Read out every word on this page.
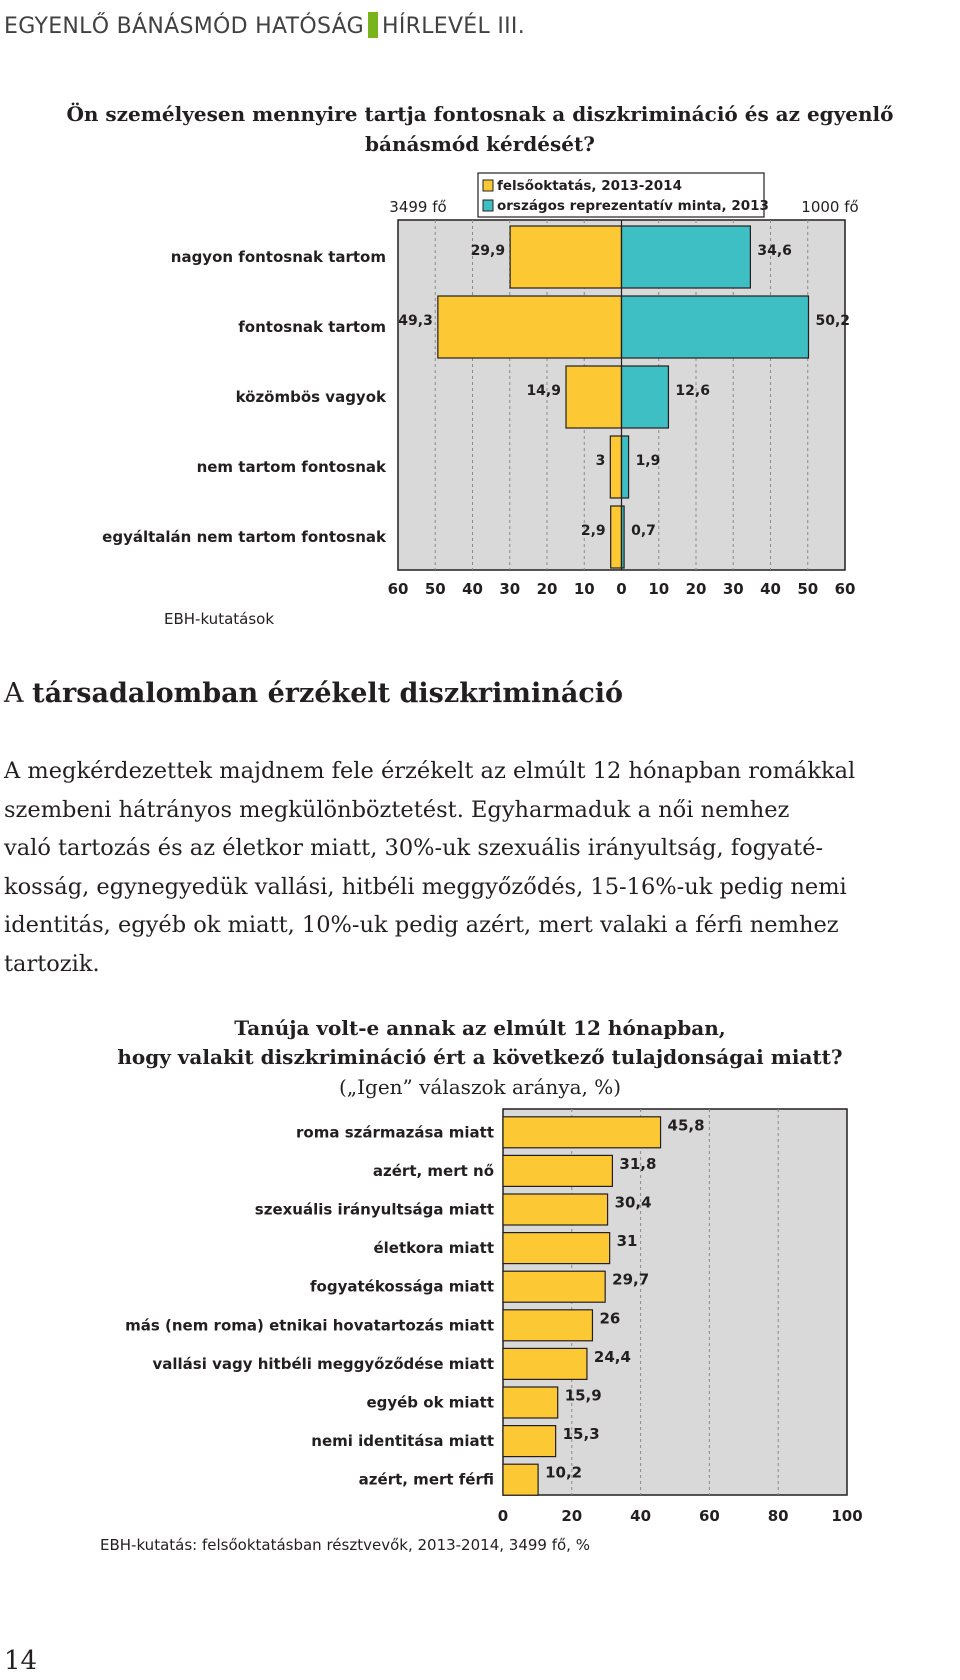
EGYENLŐ BÁNÁSMÓD HATÓSÁG HÍRLEVÉL III.
Ön személyesen mennyire tartja fontosnak a diszkrimináció és az egyenlő
bánásmód kérdését?
60 50 40 30 20 10 0 10 20 30 40 50 60
nagyon fontosnak tartom	29,9	34,6
fontosnak tartom 49,3	50,2
közömbös vagyok	14,9	12,6
nem tartom fontosnak	3 1,9
egyáltalán nem tartom fontosnak	2,9 0,7
felsőoktatás, 2013-2014
országos reprezentatív minta, 2013
3499 fő	1000 fő
EBH-kutatások
A társadalomban érzékelt diszkrimináció
A megkérdezettek majdnem fele érzékelt az elmúlt 12 hónapban romákkal
szembeni hátrányos megkülönböztetést. Egyharmaduk a női nemhez
való tartozás és az életkor miatt, 30%-uk szexuális irányultság, fogyaté-
kosság, egynegyedük vallási, hitbéli meggyőződés, 15-16%-uk pedig nemi
identitás, egyéb ok miatt, 10%-uk pedig azért, mert valaki a férfi nemhez
tartozik.
Tanúja volt-e annak az elmúlt 12 hónapban,
hogy valakit diszkrimináció ért a következő tulajdonságai miatt?
(„Igen” válaszok aránya, %)
0	20	40	60	80	100
roma származása miatt	45,8
azért, mert nő	31,8
szexuális irányultsága miatt	30,4
életkora miatt	31
fogyatékossága miatt	29,7
más (nem roma) etnikai hovatartozás miatt	26
vallási vagy hitbéli meggyőződése miatt	24,4
egyéb ok miatt	15,9
nemi identitása miatt	15,3
azért, mert férfi	10,2
EBH-kutatás: felsőoktatásban résztvevők, 2013-2014, 3499 fő, %
14
